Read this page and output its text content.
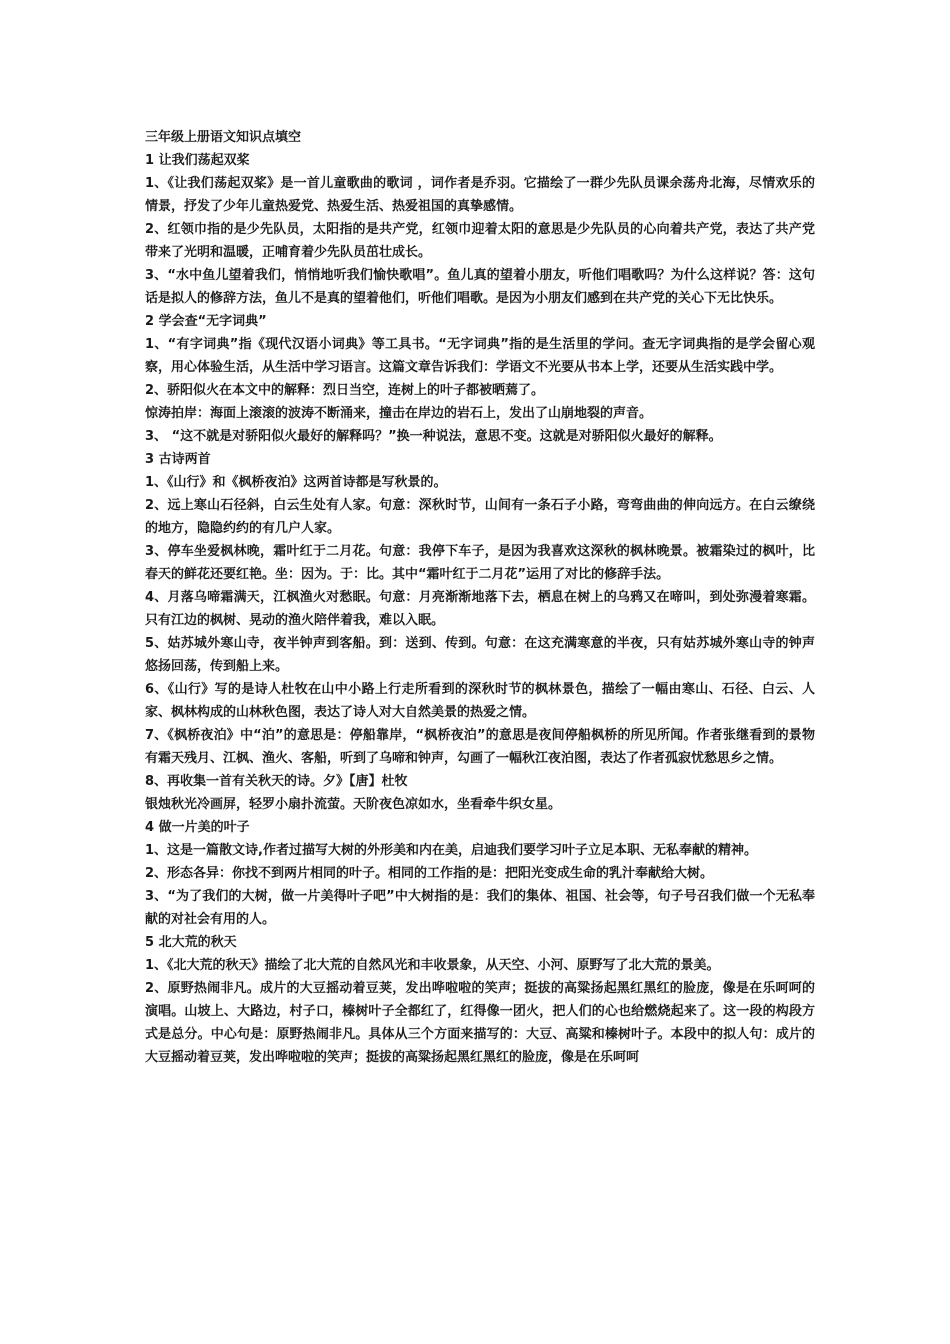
三年级上册语文知识点填空

1 让我们荡起双桨

1、《让我们荡起双桨》是一首儿童歌曲的歌词 ，词作者是乔羽。它描绘了一群少先队员课余荡舟北海，尽情欢乐的情景，抒发了少年儿童热爱党、热爱生活、热爱祖国的真挚感情。

2、红领巾指的是少先队员，太阳指的是共产党，红领巾迎着太阳的意思是少先队员的心向着共产党，表达了共产党带来了光明和温暖，正哺育着少先队员茁壮成长。

3、“水中鱼儿望着我们，悄悄地听我们愉快歌唱”。鱼儿真的望着小朋友，听他们唱歌吗？为什么这样说？答：这句话是拟人的修辞方法，鱼儿不是真的望着他们，听他们唱歌。是因为小朋友们感到在共产党的关心下无比快乐。

2 学会查“无字词典”

1、“有字词典”指《现代汉语小词典》等工具书。“无字词典”指的是生活里的学问。查无字词典指的是学会留心观察，用心体验生活，从生活中学习语言。这篇文章告诉我们：学语文不光要从书本上学，还要从生活实践中学。

2、骄阳似火在本文中的解释：烈日当空，连树上的叶子都被晒蔫了。

惊涛拍岸：海面上滚滚的波涛不断涌来，撞击在岸边的岩石上，发出了山崩地裂的声音。

3、 “这不就是对骄阳似火最好的解释吗？”换一种说法，意思不变。这就是对骄阳似火最好的解释。

3 古诗两首

1、《山行》和《枫桥夜泊》这两首诗都是写秋景的。

2、远上寒山石径斜，白云生处有人家。句意：深秋时节，山间有一条石子小路，弯弯曲曲的伸向远方。在白云缭绕的地方，隐隐约约的有几户人家。

3、停车坐爱枫林晚，霜叶红于二月花。句意：我停下车子，是因为我喜欢这深秋的枫林晚景。被霜染过的枫叶，比春天的鲜花还要红艳。坐：因为。于：比。其中“霜叶红于二月花”运用了对比的修辞手法。

4、月落乌啼霜满天，江枫渔火对愁眠。句意：月亮渐渐地落下去，栖息在树上的乌鸦又在啼叫，到处弥漫着寒霜。只有江边的枫树、晃动的渔火陪伴着我，难以入眠。

5、姑苏城外寒山寺，夜半钟声到客船。到：送到、传到。句意：在这充满寒意的半夜，只有姑苏城外寒山寺的钟声悠扬回荡，传到船上来。

6、《山行》写的是诗人杜牧在山中小路上行走所看到的深秋时节的枫林景色，描绘了一幅由寒山、石径、白云、人家、枫林构成的山林秋色图，表达了诗人对大自然美景的热爱之情。

7、《枫桥夜泊》中“泊”的意思是：停船靠岸，“枫桥夜泊”的意思是夜间停船枫桥的所见所闻。作者张继看到的景物有霜天残月、江枫、渔火、客船，听到了乌啼和钟声，勾画了一幅秋江夜泊图，表达了作者孤寂忧愁思乡之情。

8、再收集一首有关秋天的诗。夕》【唐】杜牧

银烛秋光冷画屏，轻罗小扇扑流萤。天阶夜色凉如水，坐看牵牛织女星。

4 做一片美的叶子

1、这是一篇散文诗,作者过描写大树的外形美和内在美，启迪我们要学习叶子立足本职、无私奉献的精神。

2、形态各异：你找不到两片相同的叶子。相同的工作指的是：把阳光变成生命的乳汁奉献给大树。

3、“为了我们的大树，做一片美得叶子吧”中大树指的是：我们的集体、祖国、社会等，句子号召我们做一个无私奉献的对社会有用的人。

5 北大荒的秋天

1、《北大荒的秋天》描绘了北大荒的自然风光和丰收景象，从天空、小河、原野写了北大荒的景美。

2、原野热闹非凡。成片的大豆摇动着豆荚，发出哗啦啦的笑声；挺拔的高粱扬起黑红黑红的脸庞，像是在乐呵呵的演唱。山坡上、大路边，村子口，榛树叶子全都红了，红得像一团火，把人们的心也给燃烧起来了。这一段的构段方式是总分。中心句是：原野热闹非凡。具体从三个方面来描写的：大豆、高粱和榛树叶子。本段中的拟人句：成片的大豆摇动着豆荚，发出哗啦啦的笑声；挺拔的高粱扬起黑红黑红的脸庞，像是在乐呵呵
